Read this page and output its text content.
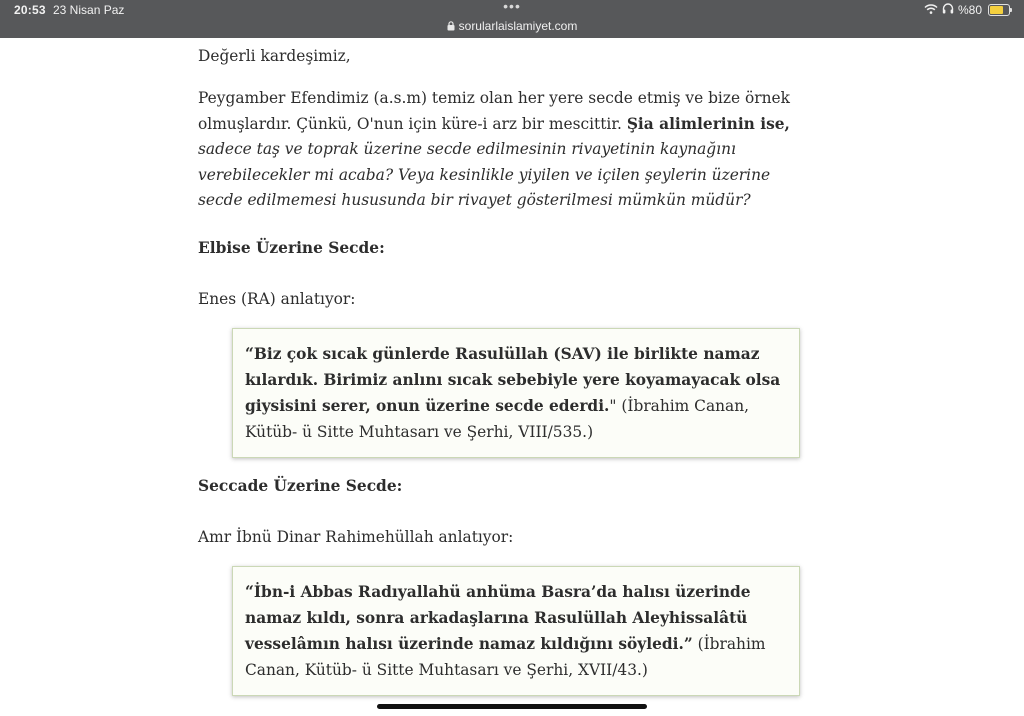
20:53 23 Nisan Paz	•••
sorularlaislamiyet.com
%80

Değerli kardeşimiz,

Peygamber Efendimiz (a.s.m) temiz olan her yere secde etmiş ve bize örnek olmuşlardır. Çünkü, O'nun için küre-i arz bir mescittir. Şia alimlerinin ise, sadece taş ve toprak üzerine secde edilmesinin rivayetinin kaynağını verebilecekler mi acaba? Veya kesinlikle yiyilen ve içilen şeylerin üzerine secde edilmemesi hususunda bir rivayet gösterilmesi mümkün müdür?

Elbise Üzerine Secde:

Enes (RA) anlatıyor:

“Biz çok sıcak günlerde Rasulüllah (SAV) ile birlikte namaz kılardık. Birimiz anlını sıcak sebebiyle yere koyamayacak olsa giysisini serer, onun üzerine secde ederdi." (İbrahim Canan, Kütüb- ü Sitte Muhtasarı ve Şerhi, VIII/535.)

Seccade Üzerine Secde:

Amr İbnü Dinar Rahimehüllah anlatıyor:

“İbn-i Abbas Radıyallahü anhüma Basra’da halısı üzerinde namaz kıldı, sonra arkadaşlarına Rasulüllah Aleyhissalâtü vesselâmın halısı üzerinde namaz kıldığını söyledi.” (İbrahim Canan, Kütüb- ü Sitte Muhtasarı ve Şerhi, XVII/43.)
